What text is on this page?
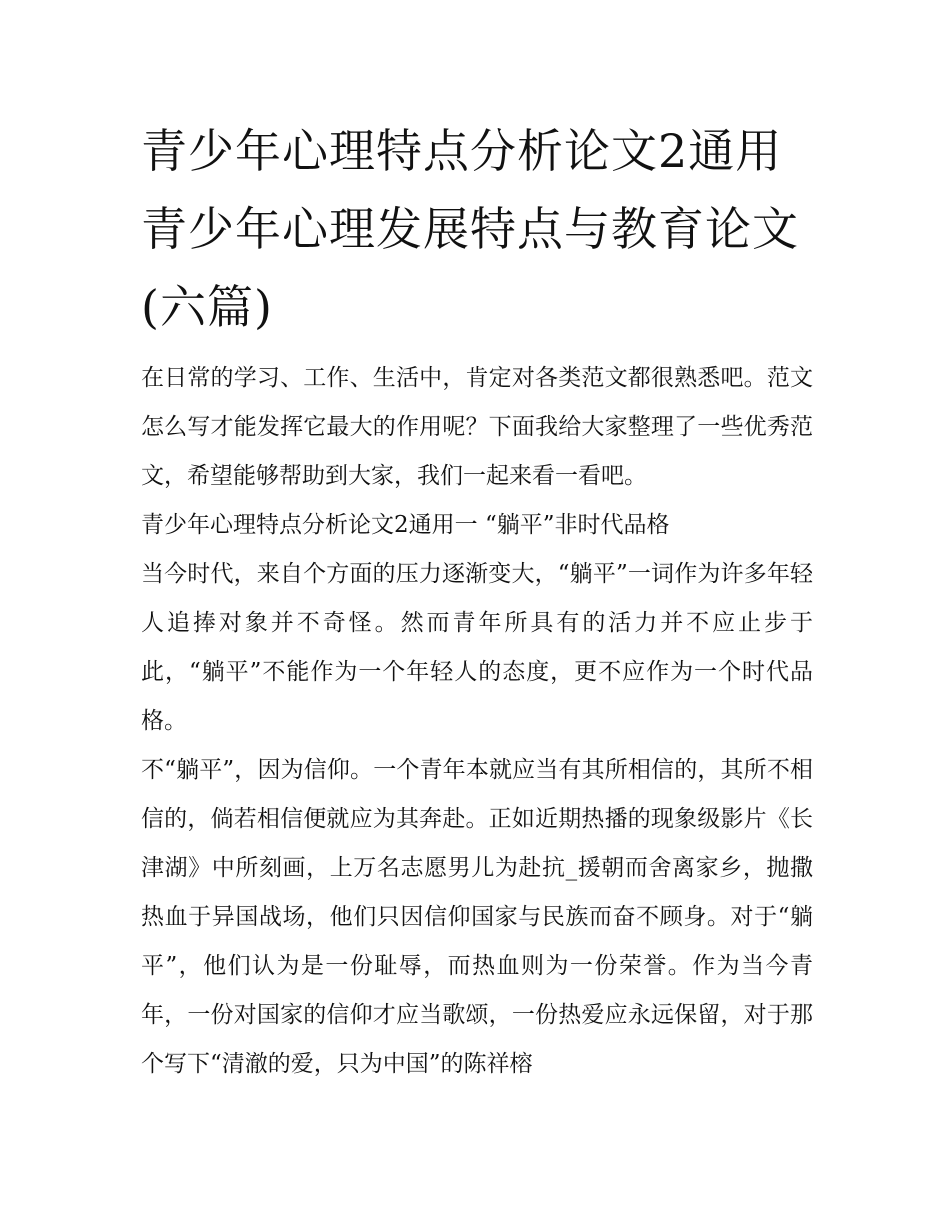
青少年心理特点分析论文2通用 青少年心理发展特点与教育论文(六篇)

在日常的学习、工作、生活中，肯定对各类范文都很熟悉吧。范文怎么写才能发挥它最大的作用呢？下面我给大家整理了一些优秀范文，希望能够帮助到大家，我们一起来看一看吧。

青少年心理特点分析论文2通用一 “躺平”非时代品格

当今时代，来自个方面的压力逐渐变大，“躺平”一词作为许多年轻人追捧对象并不奇怪。然而青年所具有的活力并不应止步于此，“躺平”不能作为一个年轻人的态度，更不应作为一个时代品格。

不“躺平”，因为信仰。一个青年本就应当有其所相信的，其所不相信的，倘若相信便就应为其奔赴。正如近期热播的现象级影片《长津湖》中所刻画，上万名志愿男儿为赴抗_援朝而舍离家乡，抛撒热血于异国战场，他们只因信仰国家与民族而奋不顾身。对于“躺平”，他们认为是一份耻辱，而热血则为一份荣誉。作为当今青年，一份对国家的信仰才应当歌颂，一份热爱应永远保留，对于那个写下“清澈的爱，只为中国”的陈祥榕
